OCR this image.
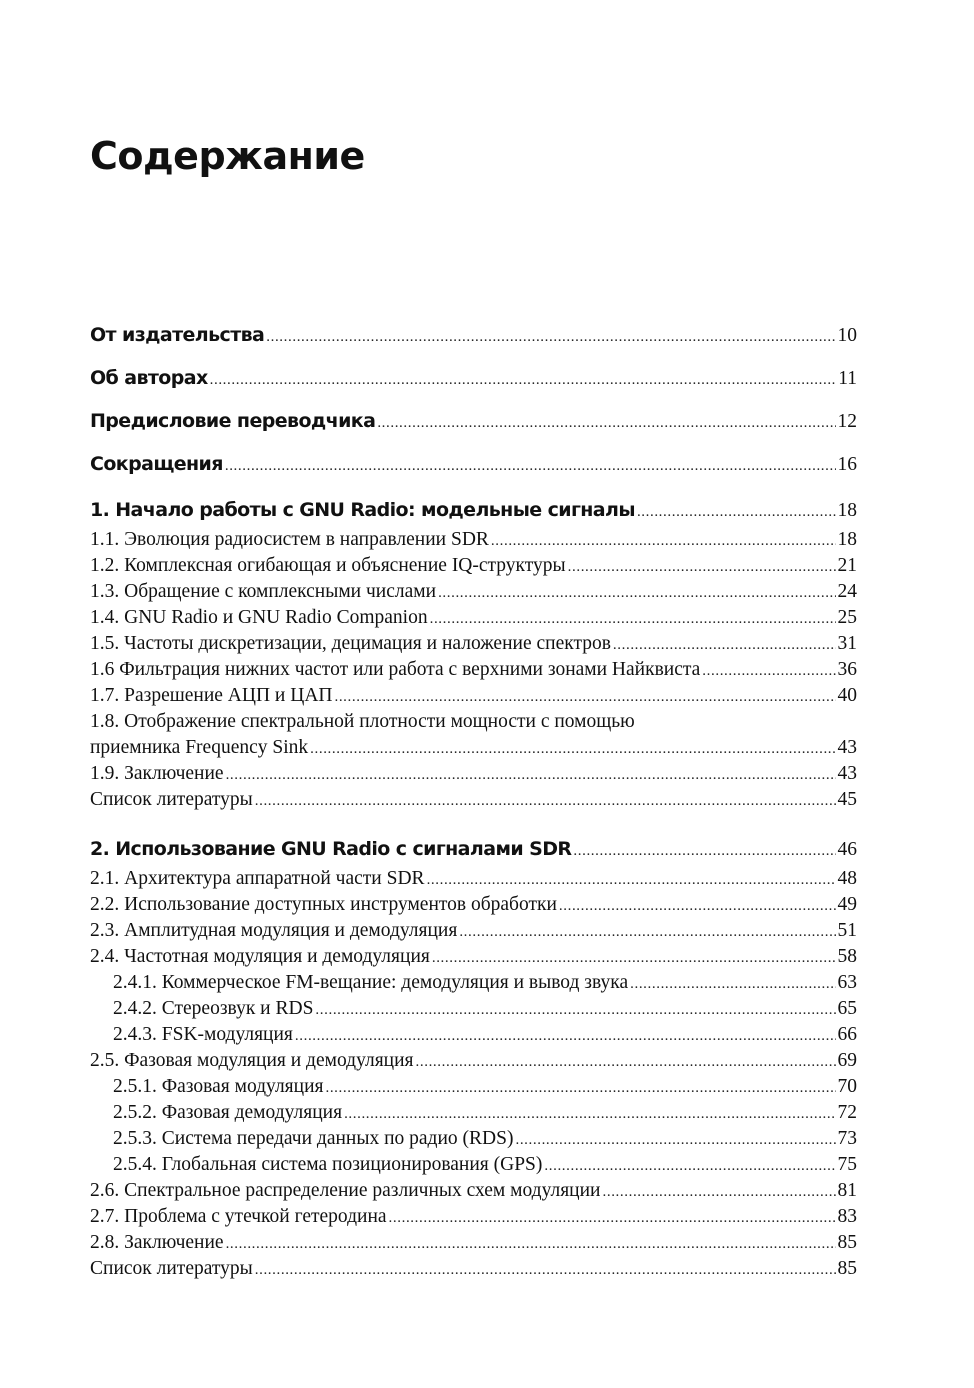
Содержание
От издательства .....	10
Об авторах .....	11
Предисловие переводчика .....	12
Сокращения .....	16
1. Начало работы с GNU Radio: модельные сигналы .....	18
1.1. Эволюция радиосистем в направлении SDR .....	18
1.2. Комплексная огибающая и объяснение IQ-структуры .....	21
1.3. Обращение с комплексными числами .....	24
1.4. GNU Radio и GNU Radio Companion .....	25
1.5. Частоты дискретизации, децимация и наложение спектров .....	31
1.6 Фильтрация нижних частот или работа с верхними зонами Найквиста .....	36
1.7. Разрешение АЦП и ЦАП .....	40
1.8. Отображение спектральной плотности мощности с помощью
приемника Frequency Sink .....	43
1.9. Заключение .....	43
Список литературы .....	45
2. Использование GNU Radio с сигналами SDR .....	46
2.1. Архитектура аппаратной части SDR .....	48
2.2. Использование доступных инструментов обработки .....	49
2.3. Амплитудная модуляция и демодуляция .....	51
2.4. Частотная модуляция и демодуляция .....	58
2.4.1. Коммерческое FM-вещание: демодуляция и вывод звука .....	63
2.4.2. Стереозвук и RDS .....	65
2.4.3. FSK-модуляция .....	66
2.5. Фазовая модуляция и демодуляция .....	69
2.5.1. Фазовая модуляция .....	70
2.5.2. Фазовая демодуляция .....	72
2.5.3. Система передачи данных по радио (RDS) .....	73
2.5.4. Глобальная система позиционирования (GPS) .....	75
2.6. Спектральное распределение различных схем модуляции .....	81
2.7. Проблема с утечкой гетеродина .....	83
2.8. Заключение .....	85
Список литературы .....	85
